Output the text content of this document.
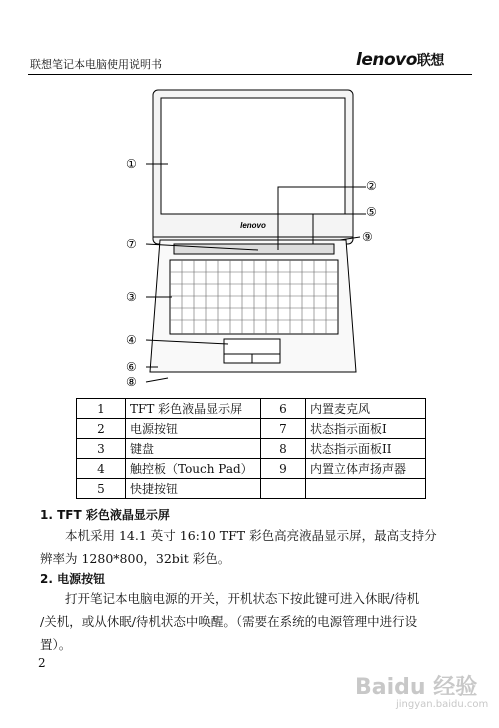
联想笔记本电脑使用说明书	lenovo联想
lenovo
①
②
③
④
⑤
⑥
⑦
⑧
⑨
1	TFT 彩色液晶显示屏	6	内置麦克风
2	电源按钮	7	状态指示面板I
3	键盘	8	状态指示面板II
4	触控板（Touch Pad）	9	内置立体声扬声器
5	快捷按钮		
1. TFT 彩色液晶显示屏
本机采用 14.1 英寸 16:10 TFT 彩色高亮液晶显示屏，最高支持分
辨率为 1280*800，32bit 彩色。
2. 电源按钮
打开笔记本电脑电源的开关，开机状态下按此键可进入休眠/待机
/关机，或从休眠/待机状态中唤醒。（需要在系统的电源管理中进行设
置）。
2
Baidu 经验
jingyan.baidu.com
